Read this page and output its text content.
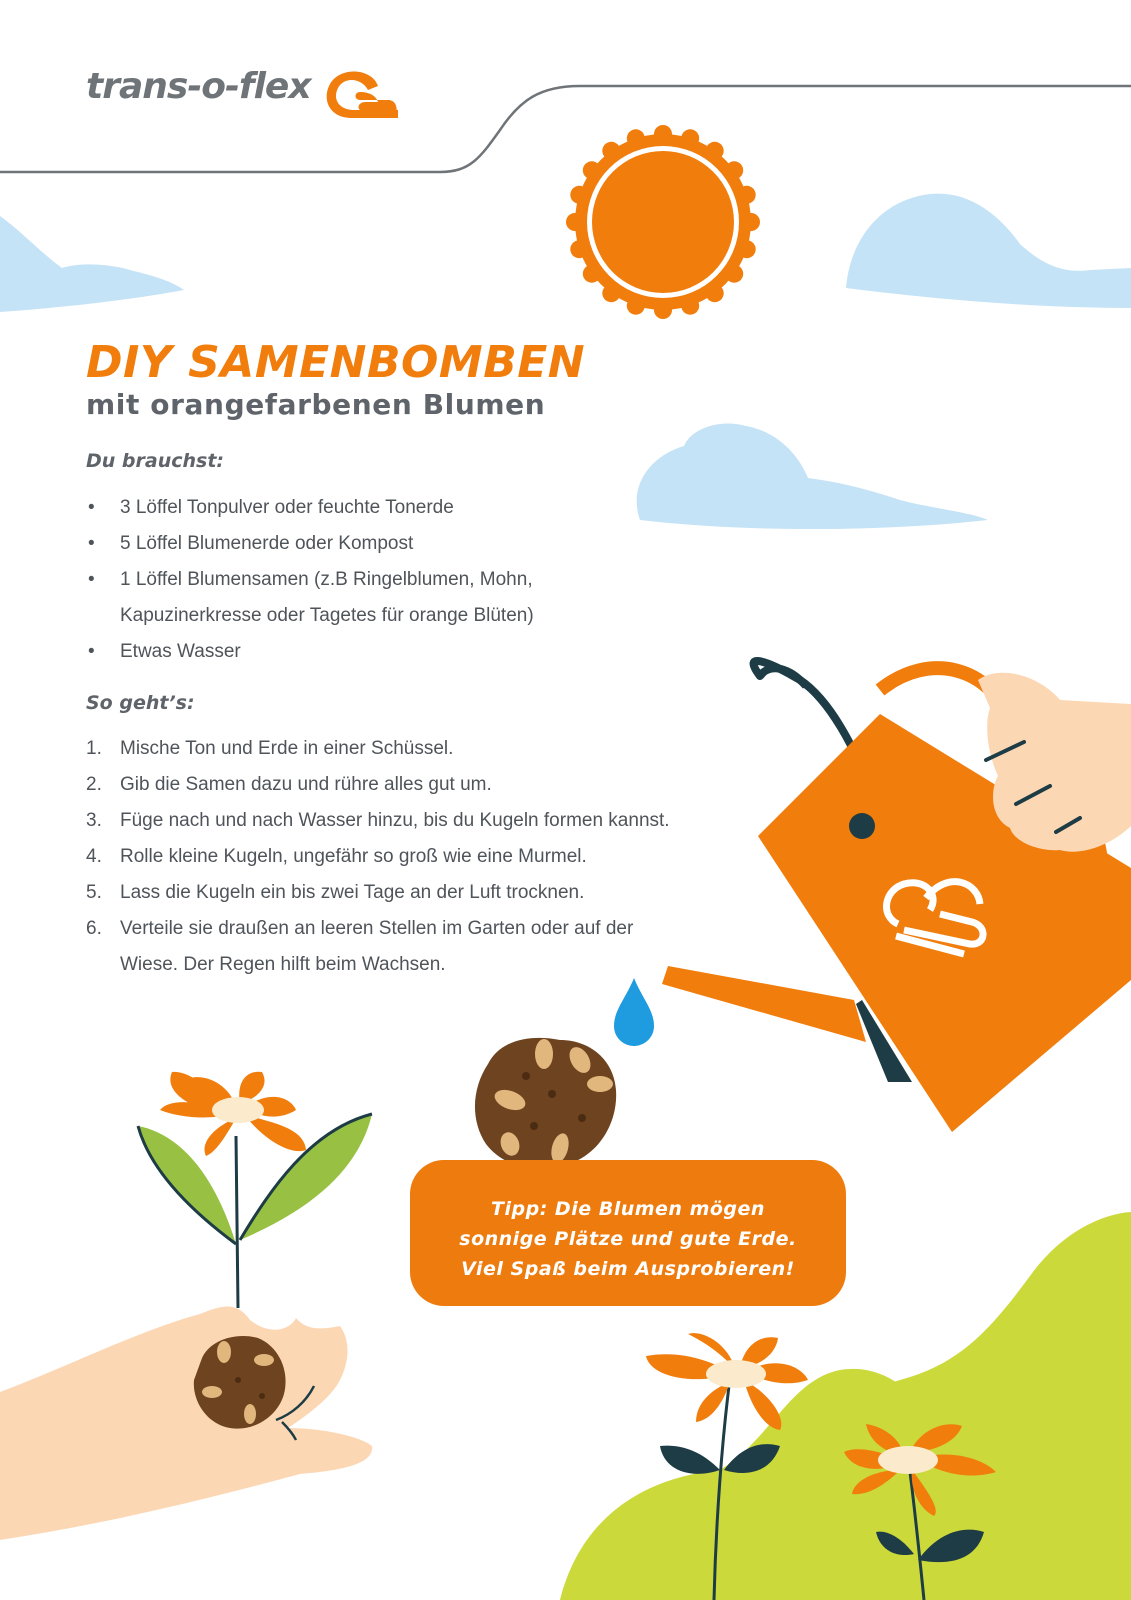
trans-o-flex
DIY SAMENBOMBEN
mit orangefarbenen Blumen
Du brauchst:
• 3 Löffel Tonpulver oder feuchte Tonerde
• 5 Löffel Blumenerde oder Kompost
• 1 Löffel Blumensamen (z.B Ringelblumen, Mohn,
Kapuzinerkresse oder Tagetes für orange Blüten)
• Etwas Wasser
So geht’s:
1. Mische Ton und Erde in einer Schüssel.
2. Gib die Samen dazu und rühre alles gut um.
3. Füge nach und nach Wasser hinzu, bis du Kugeln formen kannst.
4. Rolle kleine Kugeln, ungefähr so groß wie eine Murmel.
5. Lass die Kugeln ein bis zwei Tage an der Luft trocknen.
6. Verteile sie draußen an leeren Stellen im Garten oder auf der
Wiese. Der Regen hilft beim Wachsen.
Tipp: Die Blumen mögen
sonnige Plätze und gute Erde.
Viel Spaß beim Ausprobieren!
